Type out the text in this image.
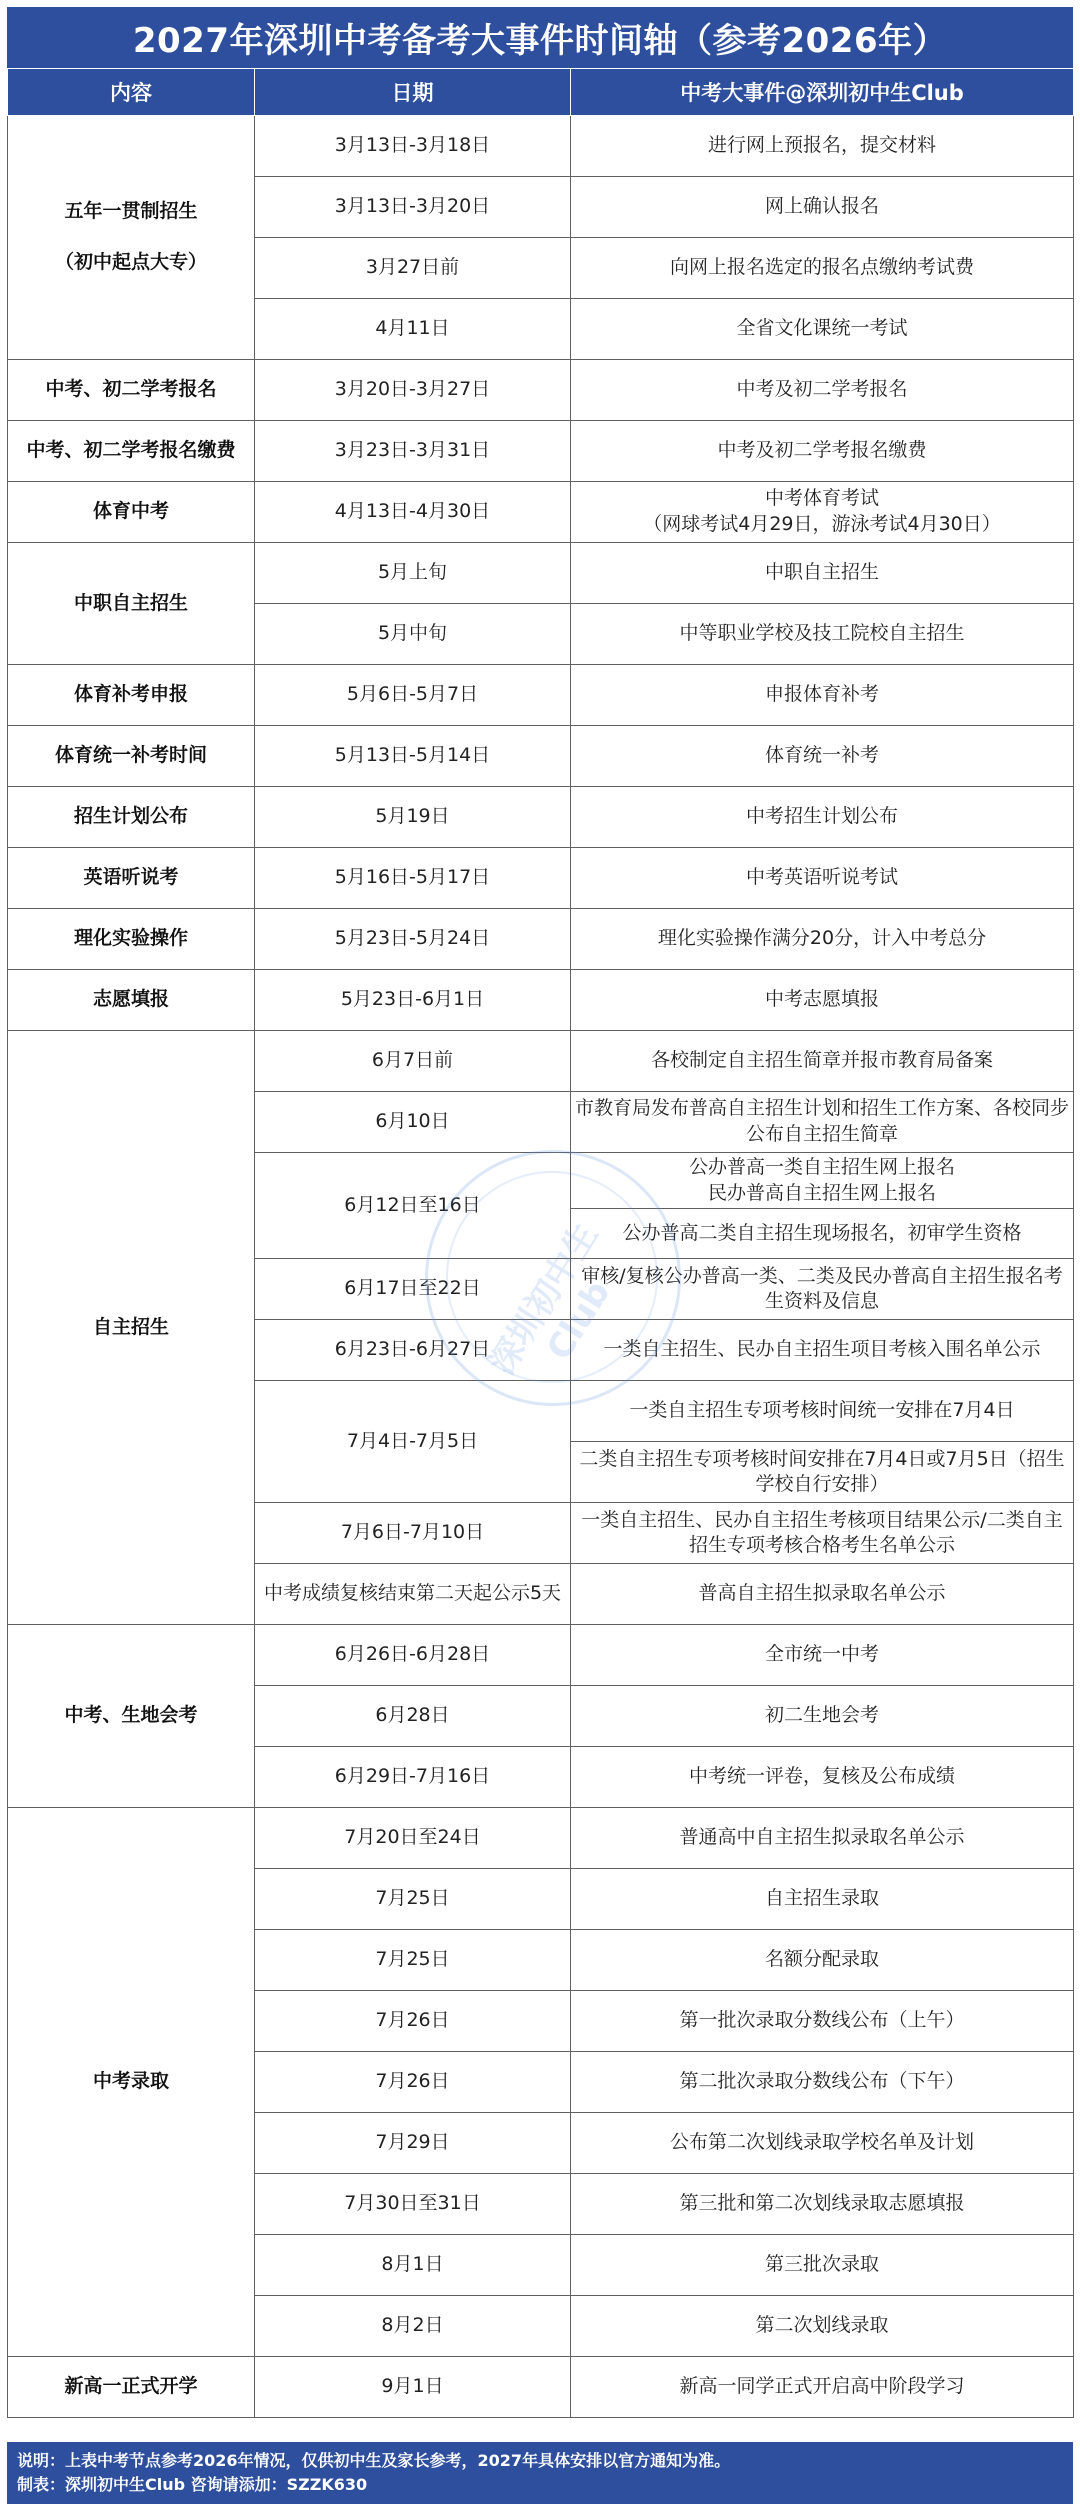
2027年深圳中考备考大事件时间轴（参考2026年）
内容	日期	中考大事件@深圳初中生Club
五年一贯制招生

（初中起点大专）	3月13日-3月18日	进行网上预报名，提交材料
	3月13日-3月20日	网上确认报名
	3月27日前	向网上报名选定的报名点缴纳考试费
	4月11日	全省文化课统一考试
中考、初二学考报名	3月20日-3月27日	中考及初二学考报名
中考、初二学考报名缴费	3月23日-3月31日	中考及初二学考报名缴费
体育中考	4月13日-4月30日	中考体育考试
（网球考试4月29日，游泳考试4月30日）
中职自主招生	5月上旬	中职自主招生
	5月中旬	中等职业学校及技工院校自主招生
体育补考申报	5月6日-5月7日	申报体育补考
体育统一补考时间	5月13日-5月14日	体育统一补考
招生计划公布	5月19日	中考招生计划公布
英语听说考	5月16日-5月17日	中考英语听说考试
理化实验操作	5月23日-5月24日	理化实验操作满分20分，计入中考总分
志愿填报	5月23日-6月1日	中考志愿填报
自主招生	6月7日前	各校制定自主招生简章并报市教育局备案
	6月10日	市教育局发布普高自主招生计划和招生工作方案、各校同步公布自主招生简章
	6月12日至16日	公办普高一类自主招生网上报名
民办普高自主招生网上报名
		公办普高二类自主招生现场报名，初审学生资格
	6月17日至22日	审核/复核公办普高一类、二类及民办普高自主招生报名考生资料及信息
	6月23日-6月27日	一类自主招生、民办自主招生项目考核入围名单公示
	7月4日-7月5日	一类自主招生专项考核时间统一安排在7月4日
		二类自主招生专项考核时间安排在7月4日或7月5日（招生学校自行安排）
	7月6日-7月10日	一类自主招生、民办自主招生考核项目结果公示/二类自主招生专项考核合格考生名单公示
	中考成绩复核结束第二天起公示5天	普高自主招生拟录取名单公示
中考、生地会考	6月26日-6月28日	全市统一中考
	6月28日	初二生地会考
	6月29日-7月16日	中考统一评卷，复核及公布成绩
中考录取	7月20日至24日	普通高中自主招生拟录取名单公示
	7月25日	自主招生录取
	7月25日	名额分配录取
	7月26日	第一批次录取分数线公布（上午）
	7月26日	第二批次录取分数线公布（下午）
	7月29日	公布第二次划线录取学校名单及计划
	7月30日至31日	第三批和第二次划线录取志愿填报
	8月1日	第三批次录取
	8月2日	第二次划线录取
新高一正式开学	9月1日	新高一同学正式开启高中阶段学习
深圳初中生Club
说明：上表中考节点参考2026年情况，仅供初中生及家长参考，2027年具体安排以官方通知为准。
制表：深圳初中生Club 咨询请添加：SZZK630
